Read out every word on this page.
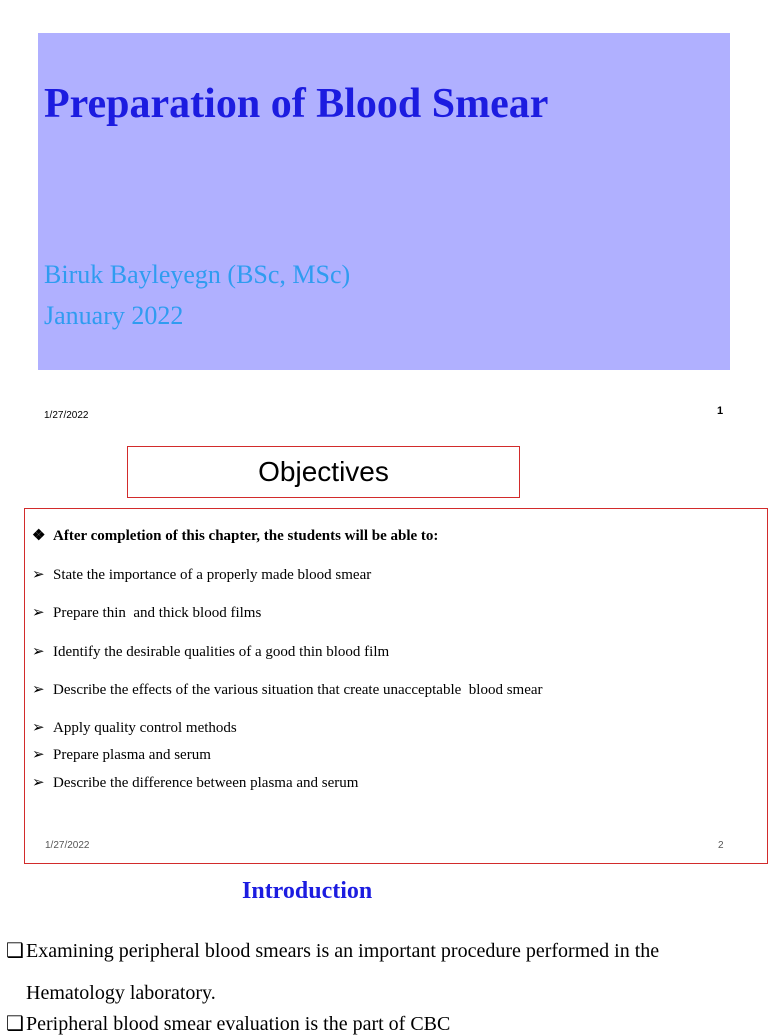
Preparation of Blood Smear

Biruk Bayleyegn (BSc, MSc)

January 2022

1/27/2022	1
Objectives
❖ After completion of this chapter, the students will be able to:
➢ State the importance of a properly made blood smear
➢ Prepare thin  and thick blood films
➢ Identify the desirable qualities of a good thin blood film
➢ Describe the effects of the various situation that create unacceptable  blood smear
➢ Apply quality control methods
➢ Prepare plasma and serum
➢ Describe the difference between plasma and serum
1/27/2022	2
Introduction
❑ Examining peripheral blood smears is an important procedure performed in the
Hematology laboratory.
❑ Peripheral blood smear evaluation is the part of CBC
